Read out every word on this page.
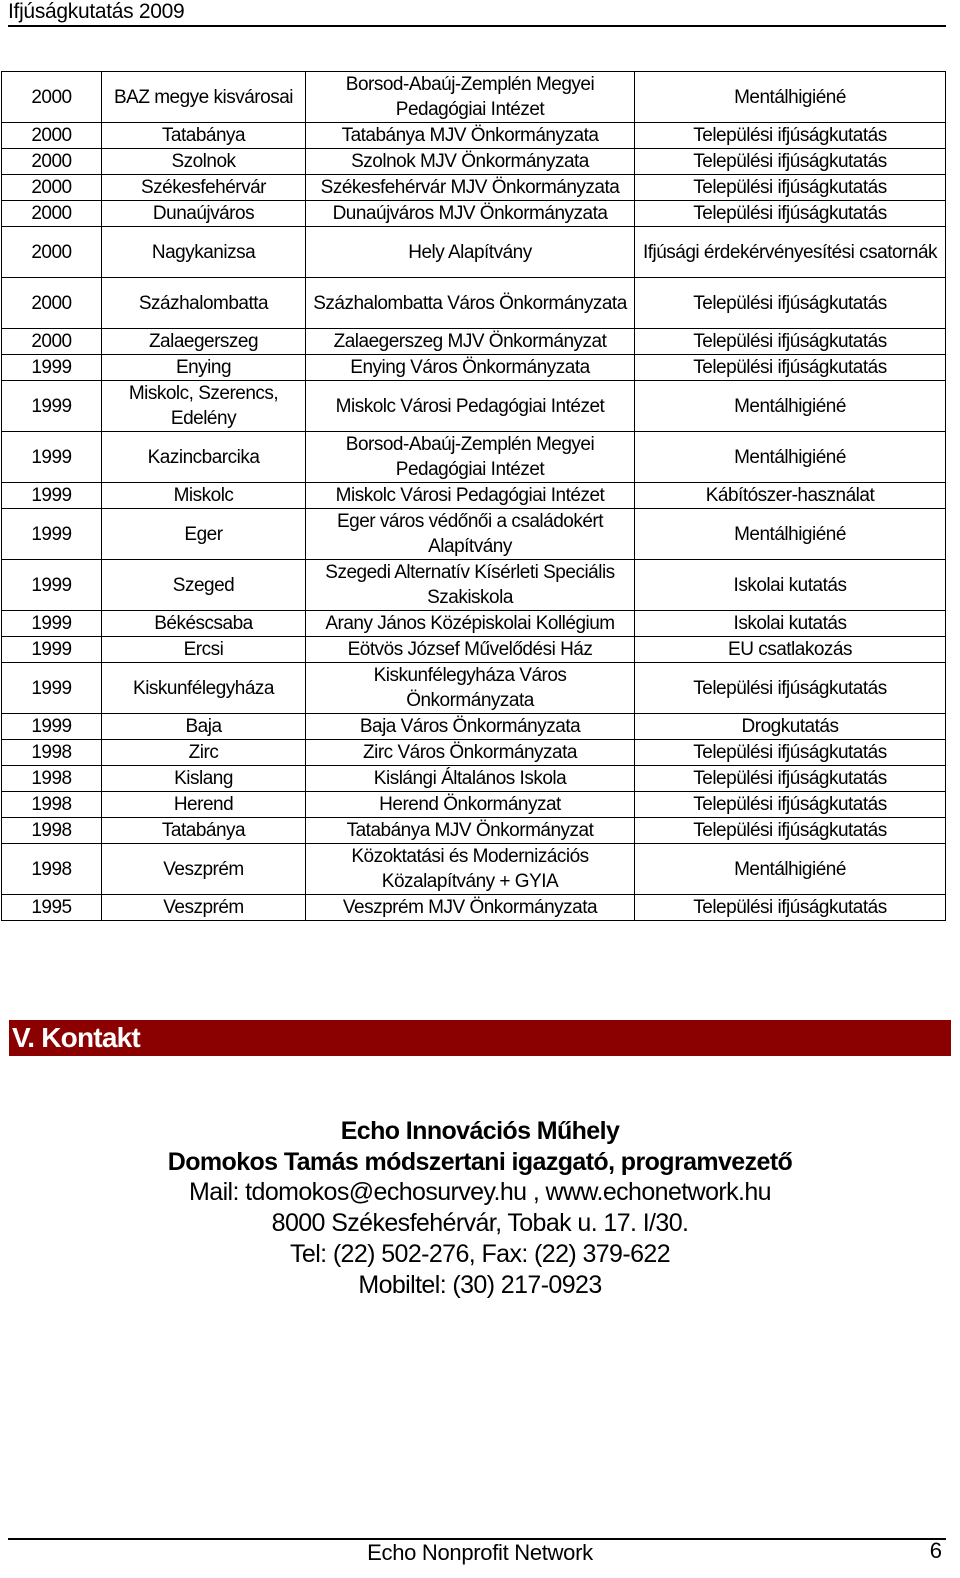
Ifjúságkutatás 2009
2000	BAZ megye kisvárosai	Borsod-Abaúj-Zemplén Megyei Pedagógiai Intézet	Mentálhigiéné
2000	Tatabánya	Tatabánya MJV Önkormányzata	Települési ifjúságkutatás
2000	Szolnok	Szolnok MJV Önkormányzata	Települési ifjúságkutatás
2000	Székesfehérvár	Székesfehérvár MJV Önkormányzata	Települési ifjúságkutatás
2000	Dunaújváros	Dunaújváros MJV Önkormányzata	Települési ifjúságkutatás
2000	Nagykanizsa	Hely Alapítvány	Ifjúsági érdekérvényesítési csatornák
2000	Százhalombatta	Százhalombatta Város Önkormányzata	Települési ifjúságkutatás
2000	Zalaegerszeg	Zalaegerszeg MJV Önkormányzat	Települési ifjúságkutatás
1999	Enying	Enying Város Önkormányzata	Települési ifjúságkutatás
1999	Miskolc, Szerencs, Edelény	Miskolc Városi Pedagógiai Intézet	Mentálhigiéné
1999	Kazincbarcika	Borsod-Abaúj-Zemplén Megyei Pedagógiai Intézet	Mentálhigiéné
1999	Miskolc	Miskolc Városi Pedagógiai Intézet	Kábítószer-használat
1999	Eger	Eger város védőnői a családokért Alapítvány	Mentálhigiéné
1999	Szeged	Szegedi Alternatív Kísérleti Speciális Szakiskola	Iskolai kutatás
1999	Békéscsaba	Arany János Középiskolai Kollégium	Iskolai kutatás
1999	Ercsi	Eötvös József Művelődési Ház	EU csatlakozás
1999	Kiskunfélegyháza	Kiskunfélegyháza Város Önkormányzata	Települési ifjúságkutatás
1999	Baja	Baja Város Önkormányzata	Drogkutatás
1998	Zirc	Zirc Város Önkormányzata	Települési ifjúságkutatás
1998	Kislang	Kislángi Általános Iskola	Települési ifjúságkutatás
1998	Herend	Herend Önkormányzat	Települési ifjúságkutatás
1998	Tatabánya	Tatabánya MJV Önkormányzat	Települési ifjúságkutatás
1998	Veszprém	Közoktatási és Modernizációs Közalapítvány + GYIA	Mentálhigiéné
1995	Veszprém	Veszprém MJV Önkormányzata	Települési ifjúságkutatás
V. Kontakt
Echo Innovációs Műhely
Domokos Tamás módszertani igazgató, programvezető
Mail: tdomokos@echosurvey.hu , www.echonetwork.hu
8000 Székesfehérvár, Tobak u. 17. I/30.
Tel: (22) 502-276, Fax: (22) 379-622
Mobiltel: (30) 217-0923
Echo Nonprofit Network	6
